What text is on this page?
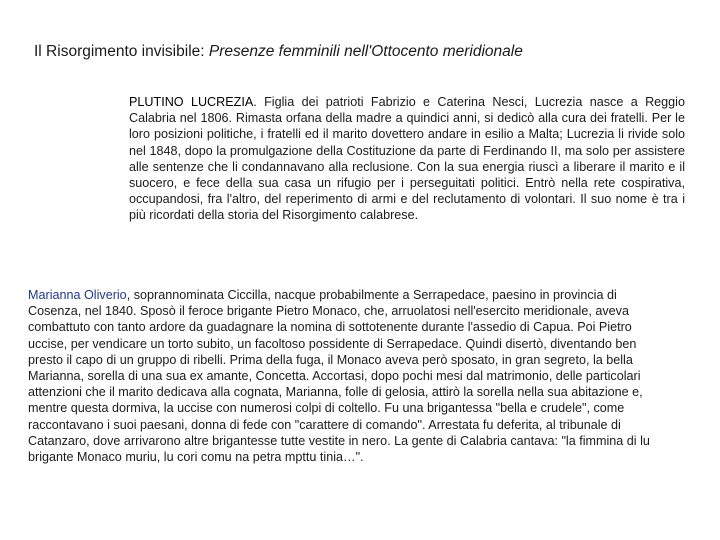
Il Risorgimento invisibile: Presenze femminili nell'Ottocento meridionale
PLUTINO LUCREZIA. Figlia dei patrioti Fabrizio e Caterina Nesci, Lucrezia nasce a Reggio Calabria nel 1806. Rimasta orfana della madre a quindici anni, si dedicò alla cura dei fratelli. Per le loro posizioni politiche, i fratelli ed il marito dovettero andare in esilio a Malta; Lucrezia li rivide solo nel 1848, dopo la promulgazione della Costituzione da parte di Ferdinando II, ma solo per assistere alle sentenze che li condannavano alla reclusione. Con la sua energia riuscì a liberare il marito e il suocero, e fece della sua casa un rifugio per i perseguitati politici. Entrò nella rete cospirativa, occupandosi, fra l'altro, del reperimento di armi e del reclutamento di volontari. Il suo nome è tra i più ricordati della storia del Risorgimento calabrese.
Marianna Oliverio, soprannominata Ciccilla, nacque probabilmente a Serrapedace, paesino in provincia di Cosenza, nel 1840. Sposò il feroce brigante Pietro Monaco, che, arruolatosi nell'esercito meridionale, aveva combattuto con tanto ardore da guadagnare la nomina di sottotenente durante l'assedio di Capua. Poi Pietro uccise, per vendicare un torto subito, un facoltoso possidente di Serrapedace. Quindi disertò, diventando ben presto il capo di un gruppo di ribelli. Prima della fuga, il Monaco aveva però sposato, in gran segreto, la bella Marianna, sorella di una sua ex amante, Concetta. Accortasi, dopo pochi mesi dal matrimonio, delle particolari attenzioni che il marito dedicava alla cognata, Marianna, folle di gelosia, attirò la sorella nella sua abitazione e, mentre questa dormiva, la uccise con numerosi colpi di coltello. Fu una brigantessa "bella e crudele", come raccontavano i suoi paesani, donna di fede con "carattere di comando". Arrestata fu deferita, al tribunale di Catanzaro, dove arrivarono altre brigantesse tutte vestite in nero. La gente di Calabria cantava: "la fimmina di lu brigante Monaco muriu, lu cori comu na petra mpttu tinia…".
